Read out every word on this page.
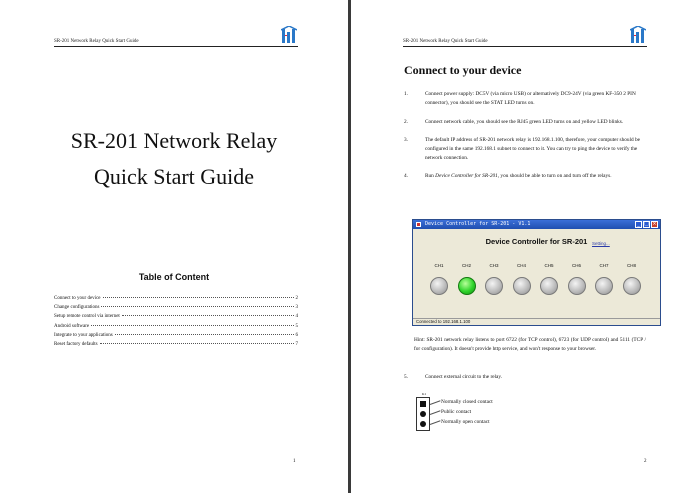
SR-201 Network Relay Quick Start Guide
SR-201 Network Relay
Quick Start Guide
Table of Content
Connect to your device	2
Change configurations	3
Setup remote control via internet	4
Android software	5
Integrate to your applications	6
Reset factory defaults	7
1
SR-201 Network Relay Quick Start Guide
2
Connect to your device
1.	Connect power supply: DC5V (via micro USB) or alternatively DC9-24V (via green KF-350 2 PIN connector), you should see the STAT LED turns on.
2.	Connect network cable, you should see the RJ45 green LED turns on and yellow LED blinks.
3.	The default IP address of SR-201 network relay is 192.168.1.100, therefore, your computer should be configured in the same 192.168.1 subnet to connect to it. You can try to ping the device to verify the network connection.
4.	Run Device Controller for SR-201, you should be able to turn on and turn off the relays.
Device Controller for SR-201 - V1.1	_ □ ×
Device Controller for SR-201	Setting...
CH1	CH2	CH3	CH4	CH5	CH6	CH7	CH8
Connected to 192.168.1.100
Hint: SR-201 network relay listens to port 6722 (for TCP control), 6723 (for UDP control) and 5111 (TCP / for configuration). It doesn't provide http service, and won't response to your browser.
5.	Connect external circuit to the relay.
K1
Normally closed contact
Public contact
Normally open contact
